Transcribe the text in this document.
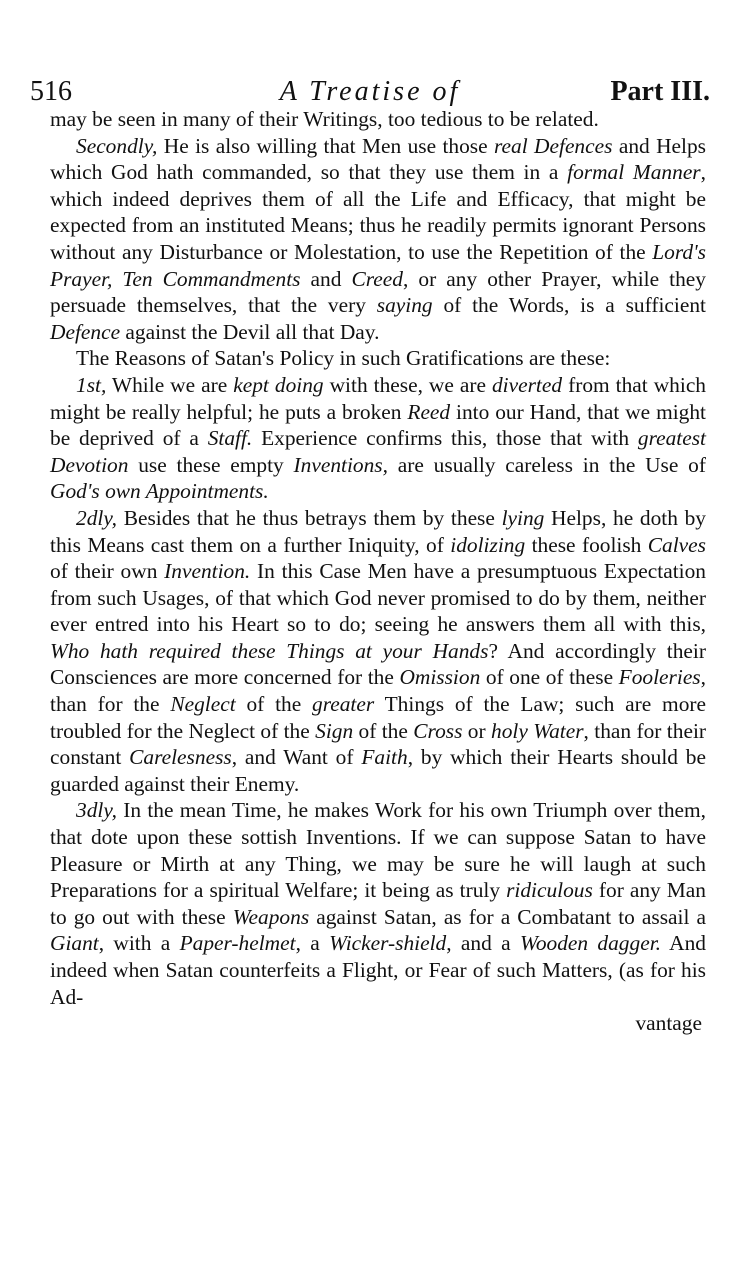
516	A Treatise of	Part III.

may be seen in many of their Writings, too tedious to be related.

Secondly, He is also willing that Men use those real Defences and Helps which God hath commanded, so that they use them in a formal Manner, which indeed deprives them of all the Life and Efficacy, that might be expected from an instituted Means; thus he readily permits ignorant Persons without any Disturbance or Molestation, to use the Repetition of the Lord's Prayer, Ten Commandments and Creed, or any other Prayer, while they persuade themselves, that the very saying of the Words, is a sufficient Defence against the Devil all that Day.

The Reasons of Satan's Policy in such Gratifications are these:

1st, While we are kept doing with these, we are diverted from that which might be really helpful; he puts a broken Reed into our Hand, that we might be deprived of a Staff. Experience confirms this, those that with greatest Devotion use these empty Inventions, are usually careless in the Use of God's own Appointments.

2dly, Besides that he thus betrays them by these lying Helps, he doth by this Means cast them on a further Iniquity, of idolizing these foolish Calves of their own Invention. In this Case Men have a presumptuous Expectation from such Usages, of that which God never promised to do by them, neither ever entred into his Heart so to do; seeing he answers them all with this, Who hath required these Things at your Hands? And accordingly their Consciences are more concerned for the Omission of one of these Fooleries, than for the Neglect of the greater Things of the Law; such are more troubled for the Neglect of the Sign of the Cross or holy Water, than for their constant Carelesness, and Want of Faith, by which their Hearts should be guarded against their Enemy.

3dly, In the mean Time, he makes Work for his own Triumph over them, that dote upon these sottish Inventions. If we can suppose Satan to have Pleasure or Mirth at any Thing, we may be sure he will laugh at such Preparations for a spiritual Welfare; it being as truly ridiculous for any Man to go out with these Weapons against Satan, as for a Combatant to assail a Giant, with a Paper-helmet, a Wicker-shield, and a Wooden dagger. And indeed when Satan counterfeits a Flight, or Fear of such Matters, (as for his Ad-

vantage
